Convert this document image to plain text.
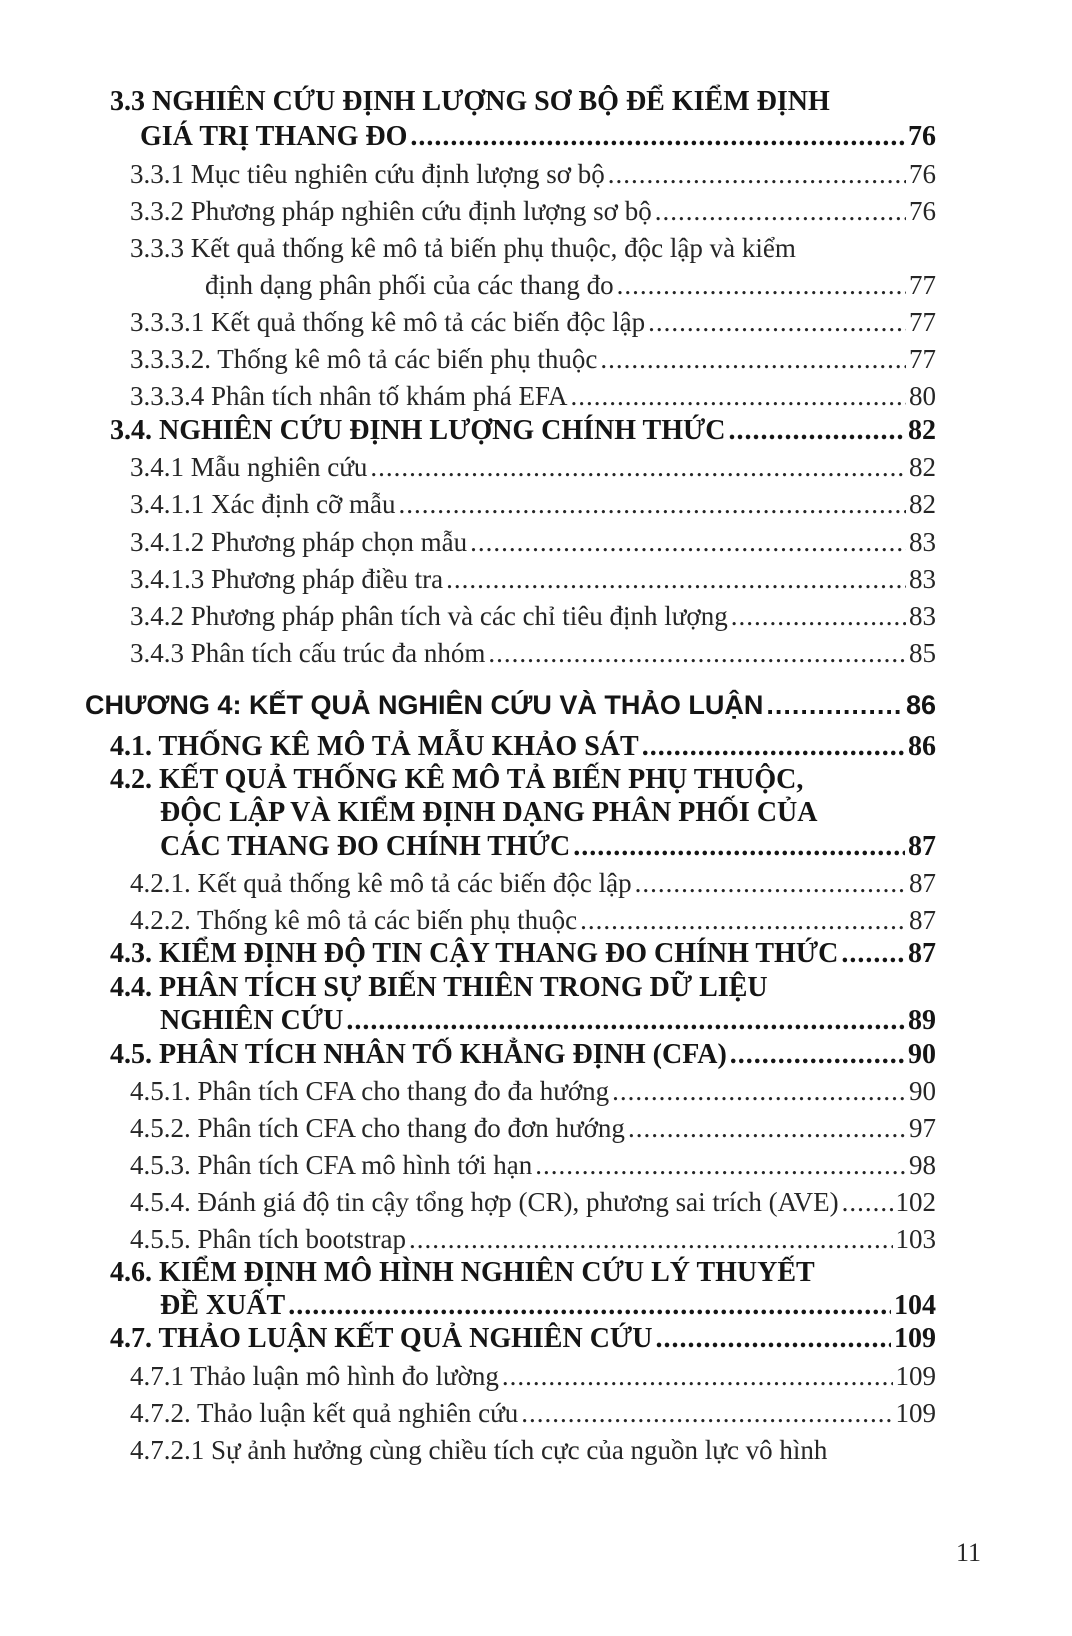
3.3 NGHIÊN CỨU ĐỊNH LƯỢNG SƠ BỘ ĐỂ KIỂM ĐỊNH
GIÁ TRỊ THANG ĐO .....	76
3.3.1 Mục tiêu nghiên cứu định lượng sơ bộ .....	76
3.3.2 Phương pháp nghiên cứu định lượng sơ bộ .....	76
3.3.3 Kết quả thống kê mô tả biến phụ thuộc, độc lập và kiểm
định dạng phân phối của các thang đo .....	77
3.3.3.1 Kết quả thống kê mô tả các biến độc lập .....	77
3.3.3.2. Thống kê mô tả các biến phụ thuộc .....	77
3.3.3.4 Phân tích nhân tố khám phá EFA .....	80
3.4. NGHIÊN CỨU ĐỊNH LƯỢNG CHÍNH THỨC .....	82
3.4.1 Mẫu nghiên cứu .....	82
3.4.1.1 Xác định cỡ mẫu .....	82
3.4.1.2 Phương pháp chọn mẫu .....	83
3.4.1.3 Phương pháp điều tra .....	83
3.4.2 Phương pháp phân tích và các chỉ tiêu định lượng .....	83
3.4.3 Phân tích cấu trúc đa nhóm .....	85
CHƯƠNG 4: KẾT QUẢ NGHIÊN CỨU VÀ THẢO LUẬN .....	86
4.1. THỐNG KÊ MÔ TẢ MẪU KHẢO SÁT .....	86
4.2. KẾT QUẢ THỐNG KÊ MÔ TẢ BIẾN PHỤ THUỘC,
ĐỘC LẬP VÀ KIỂM ĐỊNH DẠNG PHÂN PHỐI CỦA
CÁC THANG ĐO CHÍNH THỨC .....	87
4.2.1. Kết quả thống kê mô tả các biến độc lập .....	87
4.2.2. Thống kê mô tả các biến phụ thuộc .....	87
4.3. KIỂM ĐỊNH ĐỘ TIN CẬY THANG ĐO CHÍNH THỨC ..... 87
4.4. PHÂN TÍCH SỰ BIẾN THIÊN TRONG DỮ LIỆU
NGHIÊN CỨU .....	89
4.5. PHÂN TÍCH NHÂN TỐ KHẲNG ĐỊNH (CFA) .....	90
4.5.1. Phân tích CFA cho thang đo đa hướng .....	90
4.5.2. Phân tích CFA cho thang đo đơn hướng .....	97
4.5.3. Phân tích CFA mô hình tới hạn .....	98
4.5.4. Đánh giá độ tin cậy tổng hợp (CR), phương sai trích (AVE) ..... 102
4.5.5. Phân tích bootstrap .....	103
4.6. KIỂM ĐỊNH MÔ HÌNH NGHIÊN CỨU LÝ THUYẾT
ĐỀ XUẤT .....	104
4.7. THẢO LUẬN KẾT QUẢ NGHIÊN CỨU .....	109
4.7.1 Thảo luận mô hình đo lường .....	109
4.7.2. Thảo luận kết quả nghiên cứu .....	109
4.7.2.1 Sự ảnh hưởng cùng chiều tích cực của nguồn lực vô hình
11
